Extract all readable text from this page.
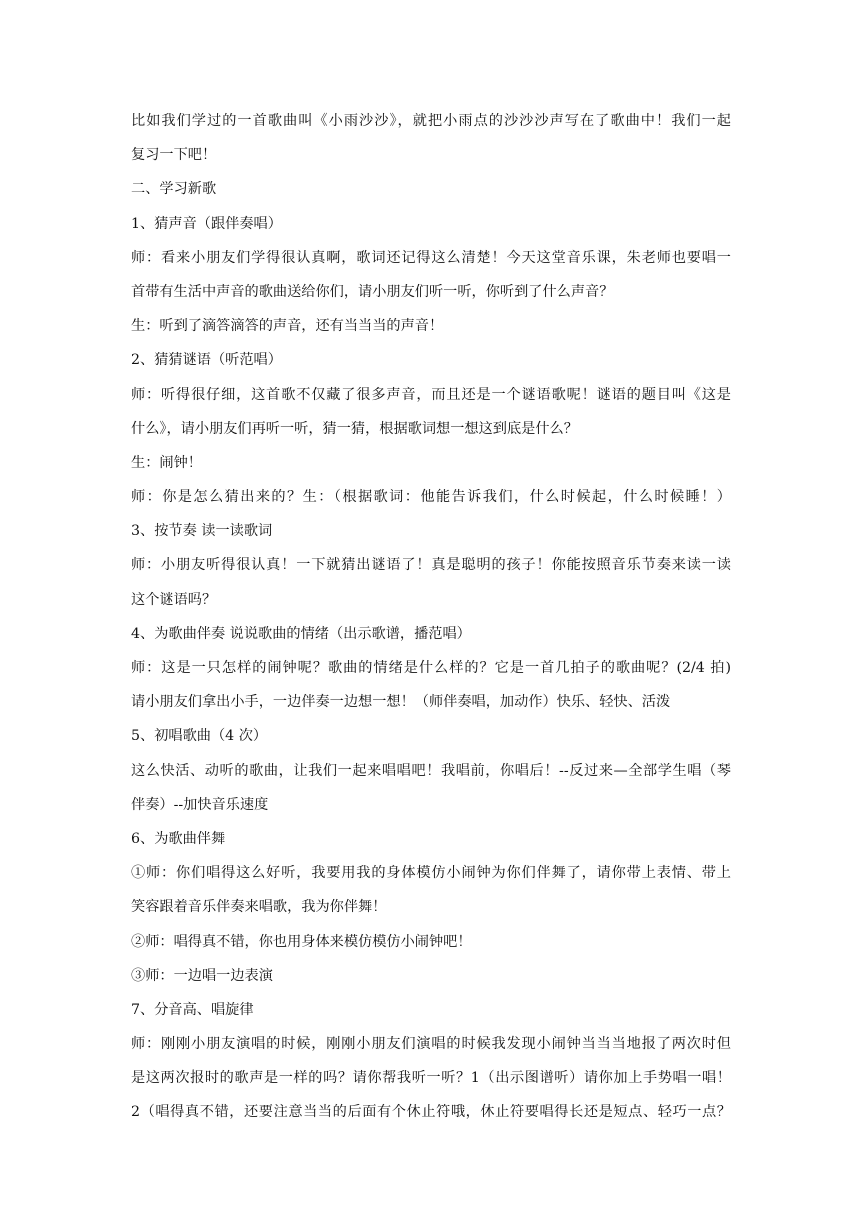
比如我们学过的一首歌曲叫《小雨沙沙》，就把小雨点的沙沙沙声写在了歌曲中！我们一起
复习一下吧！
二、学习新歌
1、猜声音（跟伴奏唱）
师：看来小朋友们学得很认真啊，歌词还记得这么清楚！今天这堂音乐课，朱老师也要唱一
首带有生活中声音的歌曲送给你们，请小朋友们听一听，你听到了什么声音？
生：听到了滴答滴答的声音，还有当当当的声音！
2、猜猜谜语（听范唱）
师：听得很仔细，这首歌不仅藏了很多声音，而且还是一个谜语歌呢！谜语的题目叫《这是
什么》，请小朋友们再听一听，猜一猜，根据歌词想一想这到底是什么？
生：闹钟！
师：你是怎么猜出来的？生：（根据歌词：他能告诉我们，什么时候起，什么时候睡！）
3、按节奏 读一读歌词
师：小朋友听得很认真！一下就猜出谜语了！真是聪明的孩子！你能按照音乐节奏来读一读
这个谜语吗？
4、为歌曲伴奏 说说歌曲的情绪（出示歌谱，播范唱）
师：这是一只怎样的闹钟呢？歌曲的情绪是什么样的？它是一首几拍子的歌曲呢？(2/4 拍)
请小朋友们拿出小手，一边伴奏一边想一想！（师伴奏唱，加动作）快乐、轻快、活泼
5、初唱歌曲（4 次）
这么快活、动听的歌曲，让我们一起来唱唱吧！我唱前，你唱后！--反过来—全部学生唱（琴
伴奏）--加快音乐速度
6、为歌曲伴舞
①师：你们唱得这么好听，我要用我的身体模仿小闹钟为你们伴舞了，请你带上表情、带上
笑容跟着音乐伴奏来唱歌，我为你伴舞！
②师：唱得真不错，你也用身体来模仿模仿小闹钟吧！
③师：一边唱一边表演
7、分音高、唱旋律
师：刚刚小朋友演唱的时候，刚刚小朋友们演唱的时候我发现小闹钟当当当地报了两次时但
是这两次报时的歌声是一样的吗？请你帮我听一听？1（出示图谱听）请你加上手势唱一唱！
2（唱得真不错，还要注意当当的后面有个休止符哦，休止符要唱得长还是短点、轻巧一点？
